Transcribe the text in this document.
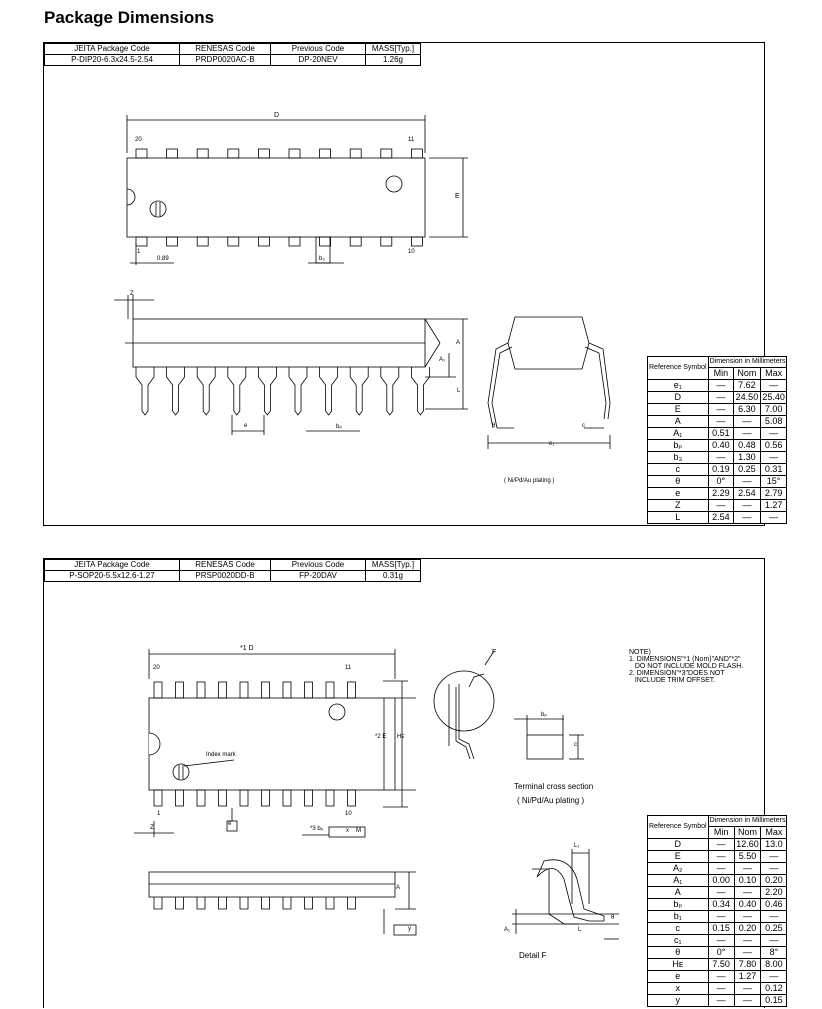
Package Dimensions
JEITA Package Code	RENESAS Code	Previous Code	MASS[Typ.]
P-DIP20-6.3x24.5-2.54	PRDP0020AC-B	DP-20NEV	1.26g
D
20	11
E
1	10
0.89	b₃
Z
A
A₁
L
e	bₚ	θ	c
e₁
( Ni/Pd/Au plating )
Reference Symbol	Dimension in Millimeters		
	Min	Nom	Max
e₁	—	7.62	—
D	—	24.50	25.40
E	—	6.30	7.00
A	—	—	5.08
A₁	0.51	—	—
bₚ	0.40	0.48	0.56
b₃	—	1.30	—
c	0.19	0.25	0.31
θ	0°	—	15°
e	2.29	2.54	2.79
Z	—	—	1.27
L	2.54	—	—
JEITA Package Code	RENESAS Code	Previous Code	MASS[Typ.]
P-SOP20-5.5x12.6-1.27	PRSP0020DD-B	FP-20DAV	0.31g
NOTE)
1. DIMENSIONS"*1 (Nom)"AND"*2"
DO NOT INCLUDE MOLD FLASH.
2. DIMENSION"*3"DOES NOT
INCLUDE TRIM OFFSET.
*1 D
20	11
*2 E Hᴇ
Index mark
1	10
Z
e
*3 bₚ	x M
A
y
F
bₚ
c
Terminal cross section
( Ni/Pd/Au plating )
L₁
A₁	L
θ
Detail F
Reference Symbol	Dimension in Millimeters		
	Min	Nom	Max
D	—	12.60	13.0
E	—	5.50	—
A₂	—	—	—
A₁	0.00	0.10	0.20
A	—	—	2.20
bₚ	0.34	0.40	0.46
b₁	—	—	—
c	0.15	0.20	0.25
c₁	—	—	—
θ	0°	—	8°
Hᴇ	7.50	7.80	8.00
e	—	1.27	—
x	—	—	0.12
y	—	—	0.15
